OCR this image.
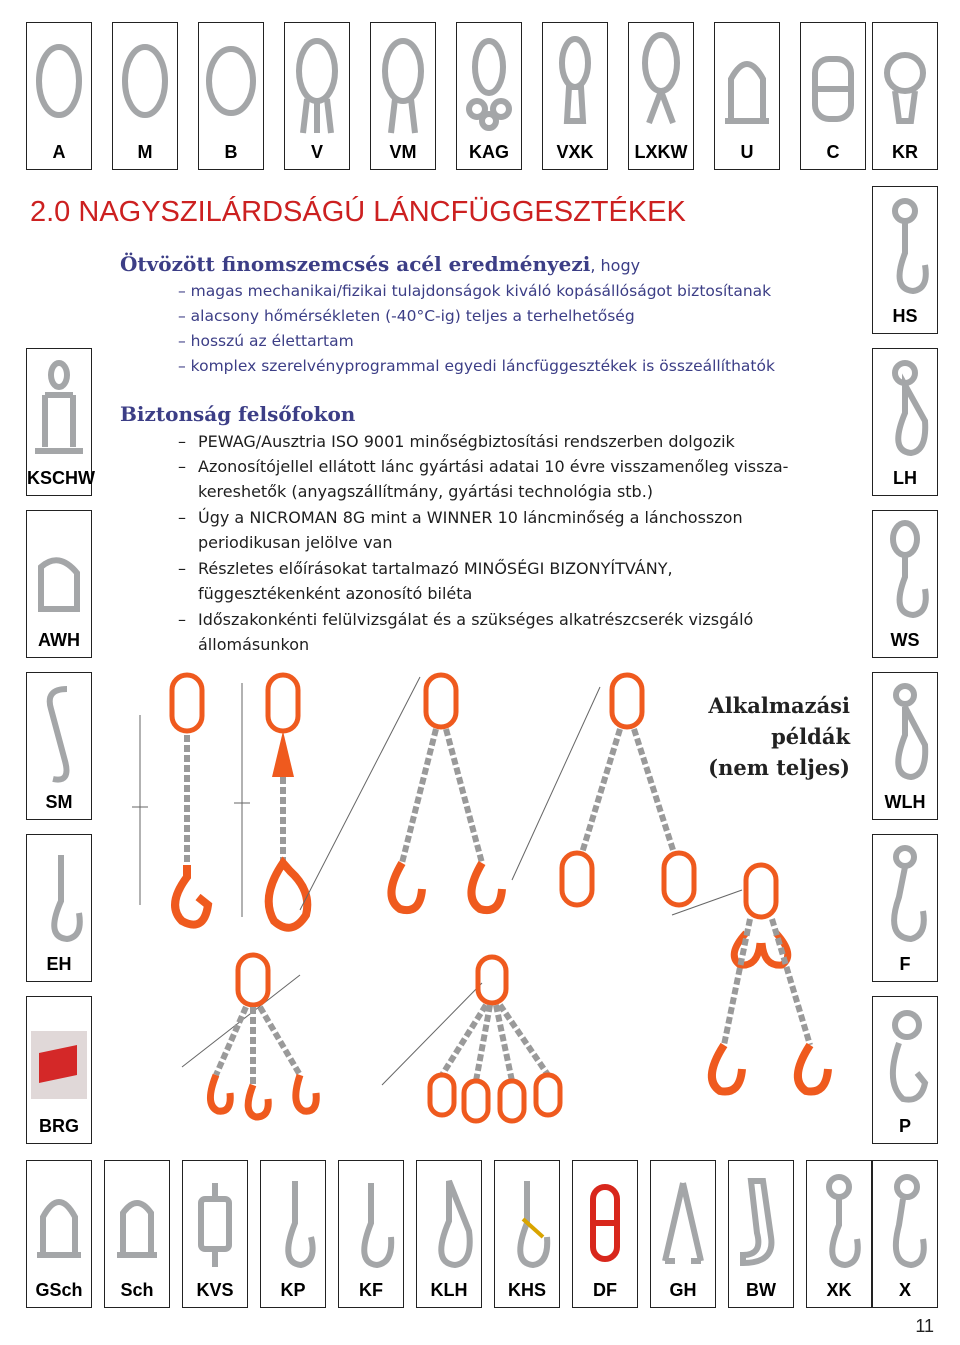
A	M	B	V	VM	KAG	VXK	LXKW	U	C	KR
HS
LH
WS
WLH
F
P
KSCHW
AWH
SM
EH
BRG
GSch	Sch	KVS	KP	KF	KLH	KHS	DF	GH	BW	XK	X
2.0 NAGYSZILÁRDSÁGÚ LÁNCFÜGGESZTÉKEK
Ötvözött finomszemcsés acél eredményezi, hogy
– magas mechanikai/fizikai tulajdonságok kiváló kopásállóságot biztosítanak
– alacsony hőmérsékleten (-40°C-ig) teljes a terhelhetőség
– hosszú az élettartam
– komplex szerelvényprogrammal egyedi láncfüggesztékek is összeállíthatók
Biztonság felsőfokon
– PEWAG/Ausztria ISO 9001 minőségbiztosítási rendszerben dolgozik
– Azonosítójellel ellátott lánc gyártási adatai 10 évre visszamenőleg vissza-
kereshetők (anyagszállítmány, gyártási technológia stb.)
– Úgy a NICROMAN 8G mint a WINNER 10 láncminőség a lánchosszon
periodikusan jelölve van
– Részletes előírásokat tartalmazó MINŐSÉGI BIZONYÍTVÁNY,
függesztékenként azonosító biléta
– Időszakonkénti felülvizsgálat és a szükséges alkatrészcserék vizsgáló
állomásunkon
Alkalmazási
példák
(nem teljes)
11
